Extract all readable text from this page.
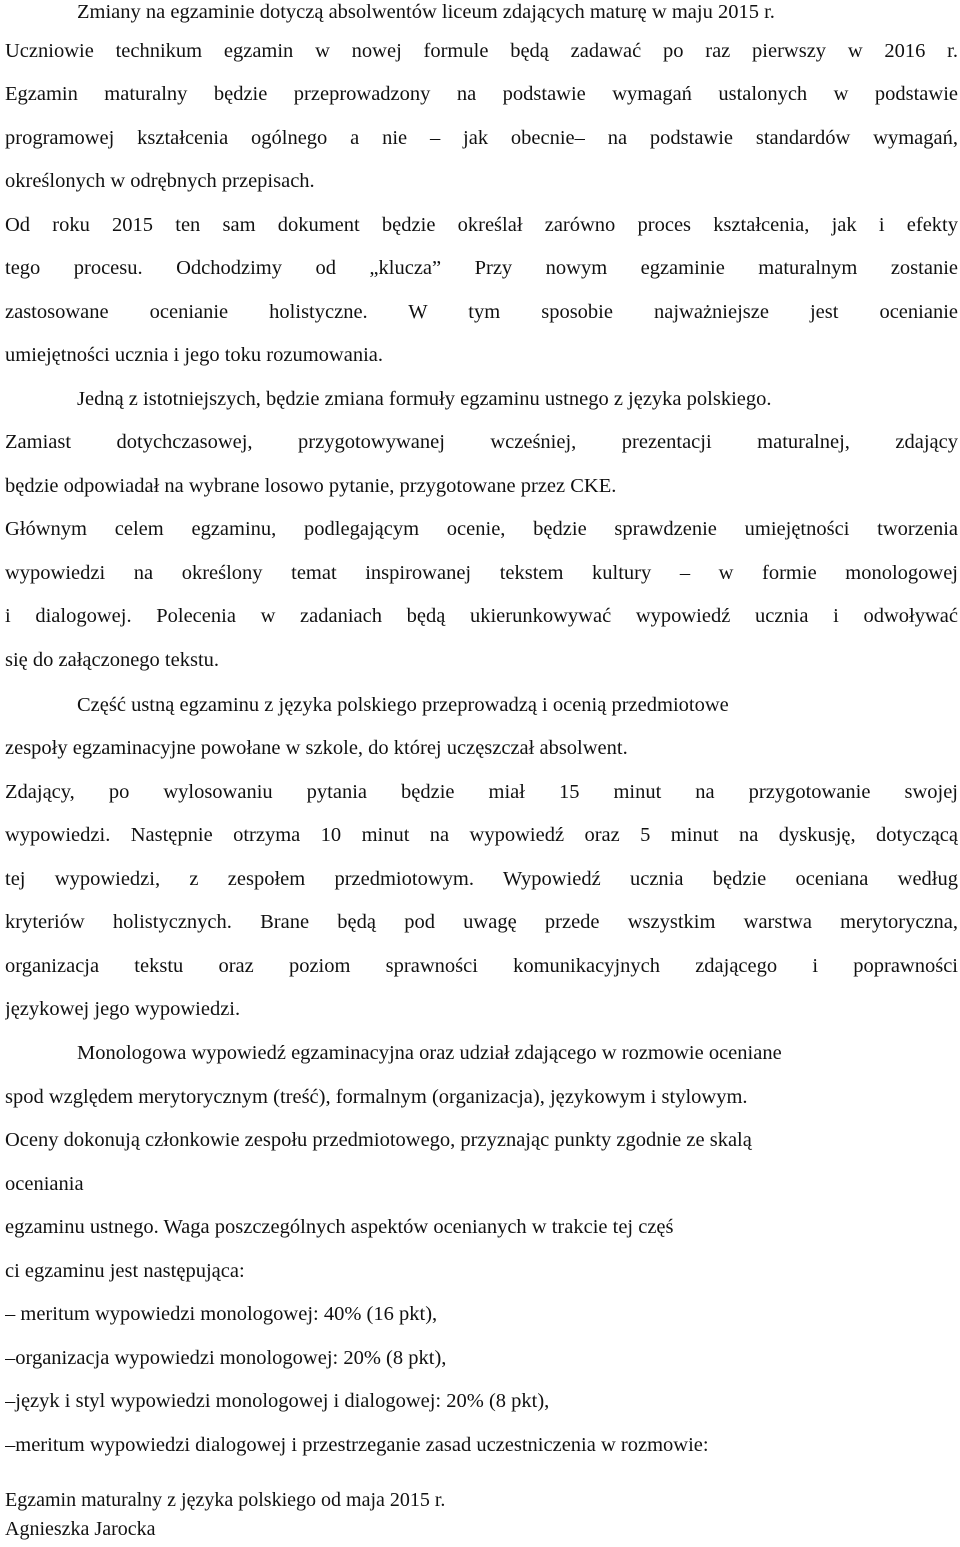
Zmiany na egzaminie dotyczą absolwentów liceum zdających maturę w maju 2015 r.
Uczniowie technikum egzamin w nowej formule będą zadawać po raz pierwszy w 2016 r.
Egzamin maturalny będzie przeprowadzony na podstawie wymagań ustalonych w podstawie
programowej kształcenia ogólnego a nie – jak obecnie– na podstawie standardów wymagań,
określonych w odrębnych przepisach.
Od roku 2015 ten sam dokument będzie określał zarówno proces kształcenia, jak i efekty
tego procesu. Odchodzimy od „klucza” Przy nowym egzaminie maturalnym zostanie
zastosowane ocenianie holistyczne. W tym sposobie najważniejsze jest ocenianie
umiejętności ucznia i jego toku rozumowania.
Jedną z istotniejszych, będzie zmiana formuły egzaminu ustnego z języka polskiego.
Zamiast dotychczasowej, przygotowywanej wcześniej, prezentacji maturalnej, zdający
będzie odpowiadał na wybrane losowo pytanie, przygotowane przez CKE.
Głównym celem egzaminu, podlegającym ocenie, będzie sprawdzenie umiejętności tworzenia
wypowiedzi na określony temat inspirowanej tekstem kultury – w formie monologowej
i dialogowej. Polecenia w zadaniach będą ukierunkowywać wypowiedź ucznia i odwoływać
się do załączonego tekstu.
Część ustną egzaminu z języka polskiego przeprowadzą i ocenią przedmiotowe
zespoły egzaminacyjne powołane w szkole, do której uczęszczał absolwent.
Zdający, po wylosowaniu pytania będzie miał 15 minut na przygotowanie swojej
wypowiedzi. Następnie otrzyma 10 minut na wypowiedź oraz 5 minut na dyskusję, dotyczącą
tej wypowiedzi, z zespołem przedmiotowym. Wypowiedź ucznia będzie oceniana według
kryteriów holistycznych. Brane będą pod uwagę przede wszystkim warstwa merytoryczna,
organizacja tekstu oraz poziom sprawności komunikacyjnych zdającego i poprawności
językowej jego wypowiedzi.
Monologowa wypowiedź egzaminacyjna oraz udział zdającego w rozmowie oceniane
spod względem merytorycznym (treść), formalnym (organizacja), językowym i stylowym.
Oceny dokonują członkowie zespołu przedmiotowego, przyznając punkty zgodnie ze skalą
oceniania
egzaminu ustnego. Waga poszczególnych aspektów ocenianych w trakcie tej częś
ci egzaminu jest następująca:
– meritum wypowiedzi monologowej: 40% (16 pkt),
–organizacja wypowiedzi monologowej: 20% (8 pkt),
–język i styl wypowiedzi monologowej i dialogowej: 20% (8 pkt),
–meritum wypowiedzi dialogowej i przestrzeganie zasad uczestniczenia w rozmowie:
Egzamin maturalny z języka polskiego od maja 2015 r.
Agnieszka Jarocka
